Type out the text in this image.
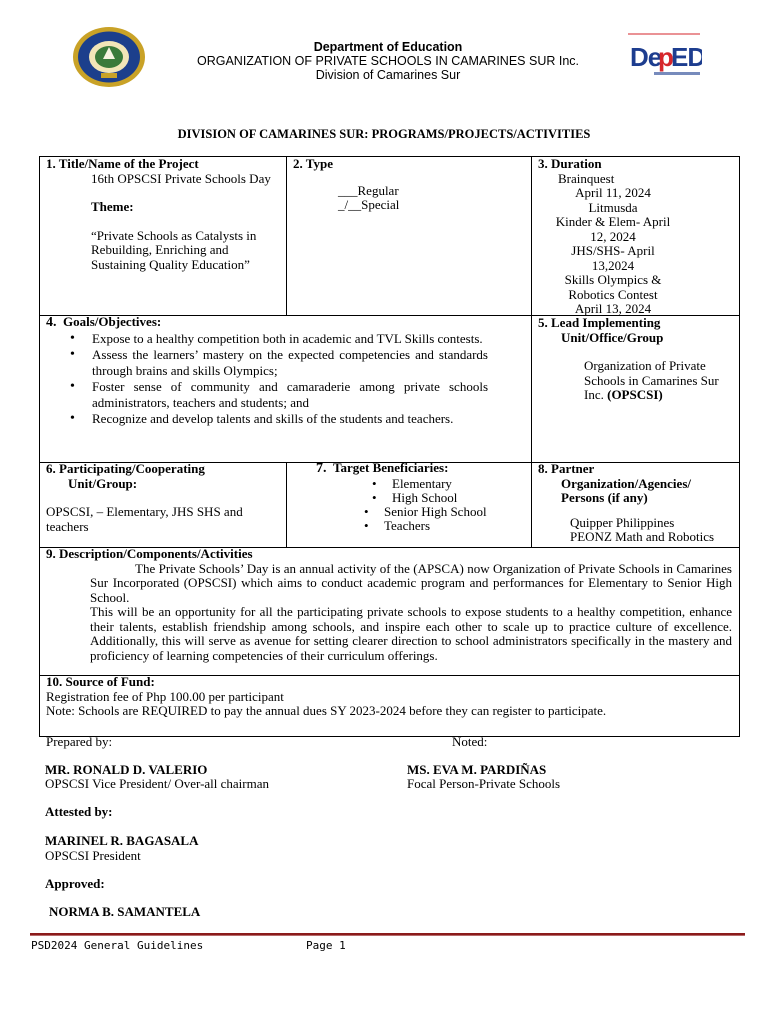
Department of Education
ORGANIZATION OF PRIVATE SCHOOLS IN CAMARINES SUR Inc.
Division of Camarines Sur
De
p
ED
DIVISION OF CAMARINES SUR: PROGRAMS/PROJECTS/ACTIVITIES
1. Title/Name of the Project
16th OPSCSI Private Schools Day
Theme:
“Private Schools as Catalysts in Rebuilding, Enriching and Sustaining Quality Education”
2. Type
___Regular
_/__Special
3. Duration
Brainquest
April 11, 2024
Litmusda
Kinder & Elem- April
12, 2024
JHS/SHS- April
13,2024
Skills Olympics &
Robotics Contest
April 13, 2024
4. Goals/Objectives:
• Expose to a healthy competition both in academic and TVL Skills contests.
• Assess the learners’ mastery on the expected competencies and standards through brains and skills Olympics;
• Foster sense of community and camaraderie among private schools administrators, teachers and students; and
• Recognize and develop talents and skills of the students and teachers.
5. Lead Implementing
Unit/Office/Group
Organization of Private Schools in Camarines Sur Inc. (OPSCSI)
6. Participating/Cooperating
Unit/Group:
OPSCSI, – Elementary, JHS SHS and teachers
7. Target Beneficiaries:
• Elementary
• High School
• Senior High School
• Teachers
8. Partner
Organization/Agencies/
Persons (if any)
Quipper Philippines
PEONZ Math and Robotics
9. Description/Components/Activities
The Private Schools’ Day is an annual activity of the (APSCA) now Organization of Private Schools in Camarines Sur Incorporated (OPSCSI) which aims to conduct academic program and performances for Elementary to Senior High School.
This will be an opportunity for all the participating private schools to expose students to a healthy competition, enhance their talents, establish friendship among schools, and inspire each other to scale up to practice culture of excellence. Additionally, this will serve as avenue for setting clearer direction to school administrators specifically in the mastery and proficiency of learning competencies of their curriculum offerings.
10. Source of Fund:
Registration fee of Php 100.00 per participant
Note: Schools are REQUIRED to pay the annual dues SY 2023-2024 before they can register to participate.
Prepared by:	Noted:
MR. RONALD D. VALERIO
OPSCSI Vice President/ Over-all chairman
MS. EVA M. PARDIÑAS
Focal Person-Private Schools
Attested by:
MARINEL R. BAGASALA
OPSCSI President
Approved:
NORMA B. SAMANTELA
PSD2024 General Guidelines	Page 1
